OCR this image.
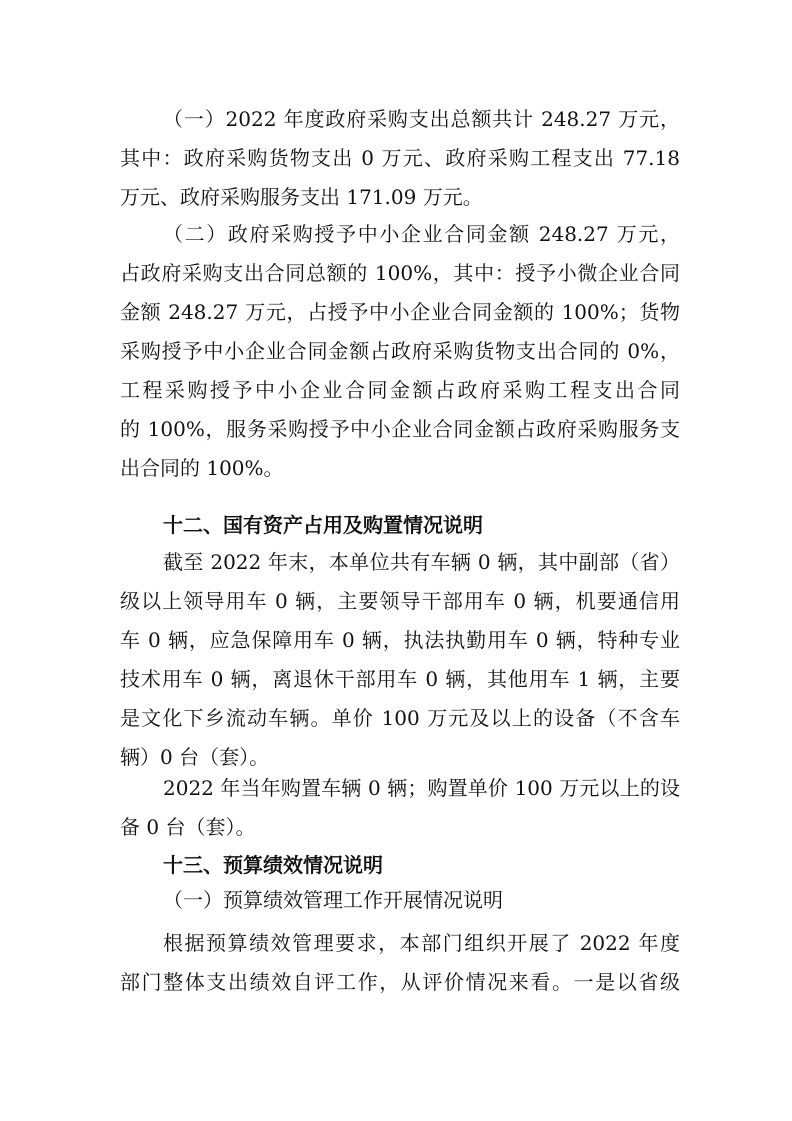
（一）2022 年度政府采购支出总额共计 248.27 万元，
其中：政府采购货物支出 0 万元、政府采购工程支出 77.18
万元、政府采购服务支出 171.09 万元。
（二）政府采购授予中小企业合同金额 248.27 万元，
占政府采购支出合同总额的 100%，其中：授予小微企业合同
金额 248.27 万元，占授予中小企业合同金额的 100%；货物
采购授予中小企业合同金额占政府采购货物支出合同的 0%，
工程采购授予中小企业合同金额占政府采购工程支出合同
的 100%，服务采购授予中小企业合同金额占政府采购服务支
出合同的 100%。
十二、国有资产占用及购置情况说明
截至 2022 年末，本单位共有车辆 0 辆，其中副部（省）
级以上领导用车 0 辆，主要领导干部用车 0 辆，机要通信用
车 0 辆，应急保障用车 0 辆，执法执勤用车 0 辆，特种专业
技术用车 0 辆，离退休干部用车 0 辆，其他用车 1 辆，主要
是文化下乡流动车辆。单价 100 万元及以上的设备（不含车
辆）0 台（套）。
2022 年当年购置车辆 0 辆；购置单价 100 万元以上的设
备 0 台（套）。
十三、预算绩效情况说明
（一）预算绩效管理工作开展情况说明
根据预算绩效管理要求，本部门组织开展了 2022 年度
部门整体支出绩效自评工作，从评价情况来看。一是以省级
